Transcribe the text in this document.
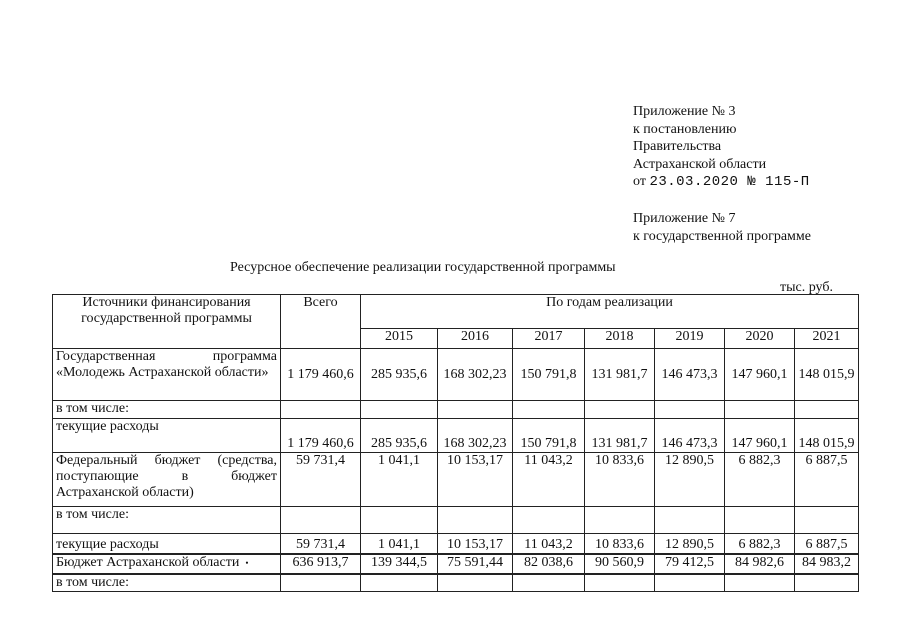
Приложение № 3
к постановлению
Правительства
Астраханской области
от 23.03.2020 № 115-П
Приложение № 7
к государственной программе
Ресурсное обеспечение реализации государственной программы
тыс. руб.
Источники финансирования государственной программы	Всего	По годам реализации						
		2015	2016	2017	2018	2019	2020	2021
Государственная программа «Молодежь Астраханской области»	1 179 460,6	285 935,6	168 302,23	150 791,8	131 981,7	146 473,3	147 960,1	148 015,9
в том числе:								
текущие расходы	1 179 460,6	285 935,6	168 302,23	150 791,8	131 981,7	146 473,3	147 960,1	148 015,9
Федеральный бюджет (средства, поступающие в бюджет Астраханской области)	59 731,4	1 041,1	10 153,17	11 043,2	10 833,6	12 890,5	6 882,3	6 887,5
в том числе:								
текущие расходы	59 731,4	1 041,1	10 153,17	11 043,2	10 833,6	12 890,5	6 882,3	6 887,5
Бюджет Астраханской области •	636 913,7	139 344,5	75 591,44	82 038,6	90 560,9	79 412,5	84 982,6	84 983,2
в том числе:								
